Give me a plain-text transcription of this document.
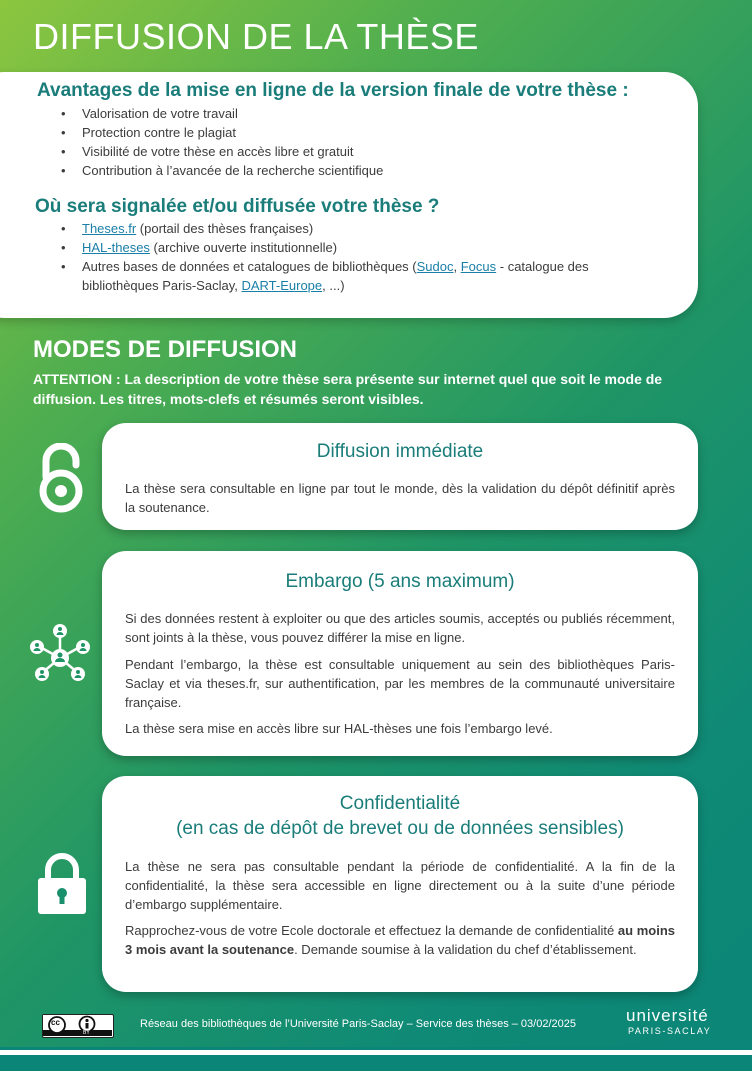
DIFFUSION DE LA THÈSE
Avantages de la mise en ligne de la version finale de votre thèse :
• Valorisation de votre travail
• Protection contre le plagiat
• Visibilité de votre thèse en accès libre et gratuit
• Contribution à l’avancée de la recherche scientifique
Où sera signalée et/ou diffusée votre thèse ?
• Theses.fr (portail des thèses françaises)
• HAL-theses (archive ouverte institutionnelle)
• Autres bases de données et catalogues de bibliothèques (Sudoc, Focus - catalogue des bibliothèques Paris-Saclay, DART-Europe, ...)
MODES DE DIFFUSION
ATTENTION : La description de votre thèse sera présente sur internet quel que soit le mode de diffusion. Les titres, mots-clefs et résumés seront visibles.
Diffusion immédiate

La thèse sera consultable en ligne par tout le monde, dès la validation du dépôt définitif après la soutenance.

Embargo (5 ans maximum)

Si des données restent à exploiter ou que des articles soumis, acceptés ou publiés récemment, sont joints à la thèse, vous pouvez différer la mise en ligne.

Pendant l’embargo, la thèse est consultable uniquement au sein des bibliothèques Paris-Saclay et via theses.fr, sur authentification, par les membres de la communauté universitaire française.

La thèse sera mise en accès libre sur HAL-thèses une fois l’embargo levé.

Confidentialité
(en cas de dépôt de brevet ou de données sensibles)

La thèse ne sera pas consultable pendant la période de confidentialité. A la fin de la confidentialité, la thèse sera accessible en ligne directement ou à la suite d’une période d’embargo supplémentaire.

Rapprochez-vous de votre Ecole doctorale et effectuez la demande de confidentialité au moins 3 mois avant la soutenance. Demande soumise à la validation du chef d’établissement.

cc
BY
Réseau des bibliothèques de l’Université Paris-Saclay – Service des thèses – 03/02/2025	université
PARIS-SACLAY
